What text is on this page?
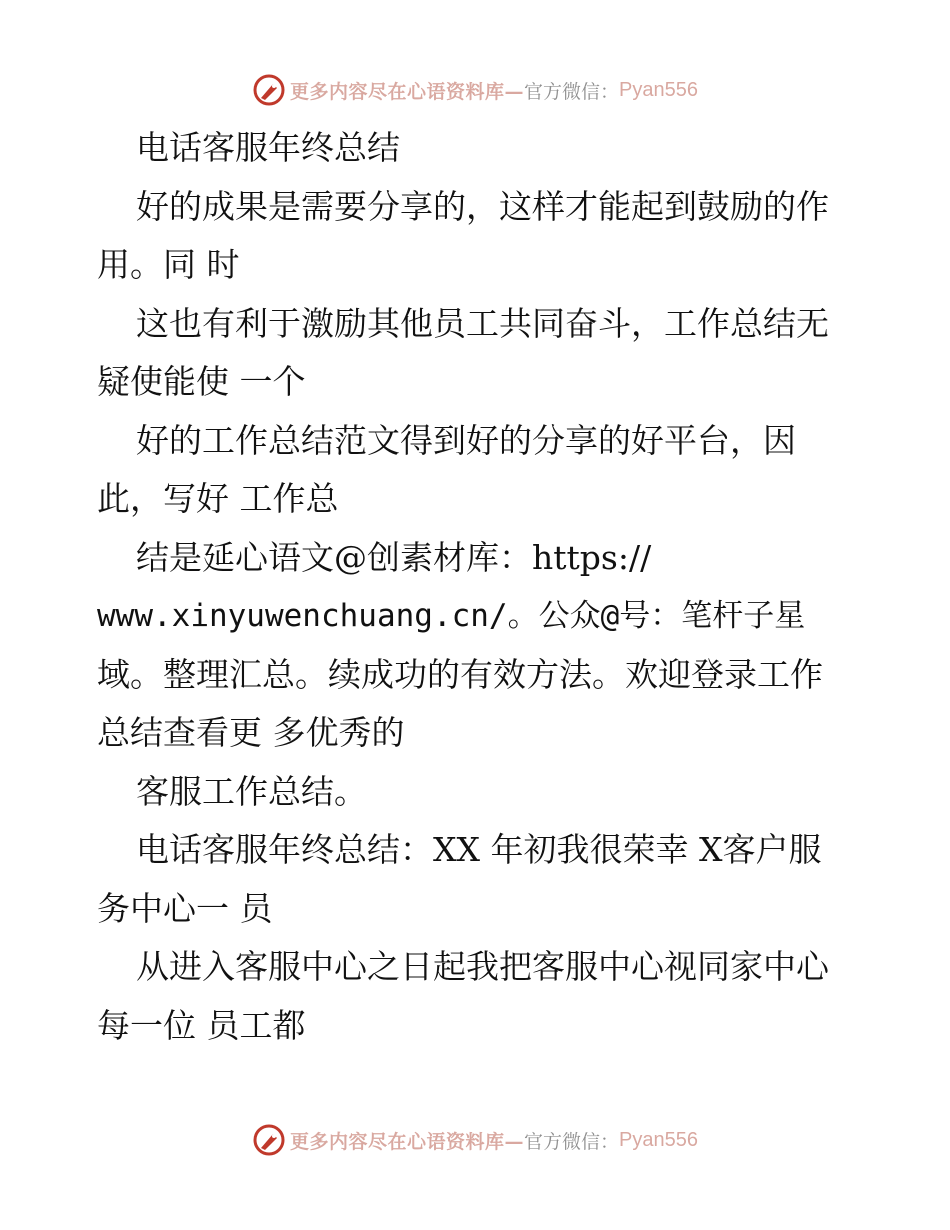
更多内容尽在心语资料库— 官方微信： Pyan556
电话客服年终总结
好的成果是需要分享的，这样才能起到鼓励的作
用。同 时
这也有利于激励其他员工共同奋斗，工作总结无
疑使能使 一个
好的工作总结范文得到好的分享的好平台，因
此，写好 工作总
结是延心语文@创素材库：https://
www.xinyuwenchuang.cn/。公众@号：笔杆子星
域。整理汇总。续成功的有效方法。欢迎登录工作
总结查看更 多优秀的
客服工作总结。
电话客服年终总结：XX 年初我很荣幸 X客户服
务中心一 员
从进入客服中心之日起我把客服中心视同家中心
每一位 员工都
更多内容尽在心语资料库— 官方微信： Pyan556
